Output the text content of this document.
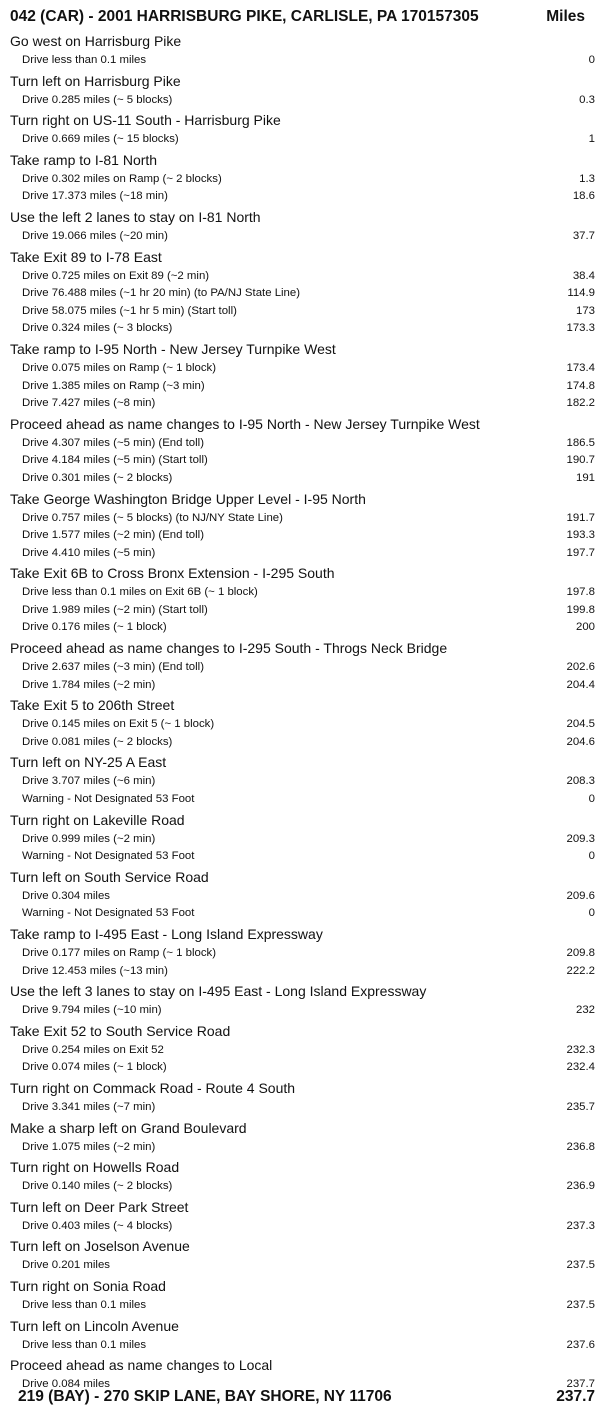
042 (CAR) - 2001 HARRISBURG PIKE, CARLISLE, PA 170157305	Miles
Go west on Harrisburg Pike
Drive less than 0.1 miles	0
Turn left on Harrisburg Pike
Drive 0.285 miles (~ 5 blocks)	0.3
Turn right on US-11 South - Harrisburg Pike
Drive 0.669 miles (~ 15 blocks)	1
Take ramp to I-81 North
Drive 0.302 miles on Ramp (~ 2 blocks)	1.3
Drive 17.373 miles (~18 min)	18.6
Use the left 2 lanes to stay on I-81 North
Drive 19.066 miles (~20 min)	37.7
Take Exit 89 to I-78 East
Drive 0.725 miles on Exit 89 (~2 min)	38.4
Drive 76.488 miles (~1 hr 20 min) (to PA/NJ State Line)	114.9
Drive 58.075 miles (~1 hr 5 min) (Start toll)	173
Drive 0.324 miles (~ 3 blocks)	173.3
Take ramp to I-95 North - New Jersey Turnpike West
Drive 0.075 miles on Ramp (~ 1 block)	173.4
Drive 1.385 miles on Ramp (~3 min)	174.8
Drive 7.427 miles (~8 min)	182.2
Proceed ahead as name changes to I-95 North - New Jersey Turnpike West
Drive 4.307 miles (~5 min) (End toll)	186.5
Drive 4.184 miles (~5 min) (Start toll)	190.7
Drive 0.301 miles (~ 2 blocks)	191
Take George Washington Bridge Upper Level - I-95 North
Drive 0.757 miles (~ 5 blocks) (to NJ/NY State Line)	191.7
Drive 1.577 miles (~2 min) (End toll)	193.3
Drive 4.410 miles (~5 min)	197.7
Take Exit 6B to Cross Bronx Extension - I-295 South
Drive less than 0.1 miles on Exit 6B (~ 1 block)	197.8
Drive 1.989 miles (~2 min) (Start toll)	199.8
Drive 0.176 miles (~ 1 block)	200
Proceed ahead as name changes to I-295 South - Throgs Neck Bridge
Drive 2.637 miles (~3 min) (End toll)	202.6
Drive 1.784 miles (~2 min)	204.4
Take Exit 5 to 206th Street
Drive 0.145 miles on Exit 5 (~ 1 block)	204.5
Drive 0.081 miles (~ 2 blocks)	204.6
Turn left on NY-25 A East
Drive 3.707 miles (~6 min)	208.3
Warning - Not Designated 53 Foot	0
Turn right on Lakeville Road
Drive 0.999 miles (~2 min)	209.3
Warning - Not Designated 53 Foot	0
Turn left on South Service Road
Drive 0.304 miles	209.6
Warning - Not Designated 53 Foot	0
Take ramp to I-495 East - Long Island Expressway
Drive 0.177 miles on Ramp (~ 1 block)	209.8
Drive 12.453 miles (~13 min)	222.2
Use the left 3 lanes to stay on I-495 East - Long Island Expressway
Drive 9.794 miles (~10 min)	232
Take Exit 52 to South Service Road
Drive 0.254 miles on Exit 52	232.3
Drive 0.074 miles (~ 1 block)	232.4
Turn right on Commack Road - Route 4 South
Drive 3.341 miles (~7 min)	235.7
Make a sharp left on Grand Boulevard
Drive 1.075 miles (~2 min)	236.8
Turn right on Howells Road
Drive 0.140 miles (~ 2 blocks)	236.9
Turn left on Deer Park Street
Drive 0.403 miles (~ 4 blocks)	237.3
Turn left on Joselson Avenue
Drive 0.201 miles	237.5
Turn right on Sonia Road
Drive less than 0.1 miles	237.5
Turn left on Lincoln Avenue
Drive less than 0.1 miles	237.6
Proceed ahead as name changes to Local
Drive 0.084 miles	237.7
219 (BAY) - 270 SKIP LANE, BAY SHORE, NY 11706	237.7
